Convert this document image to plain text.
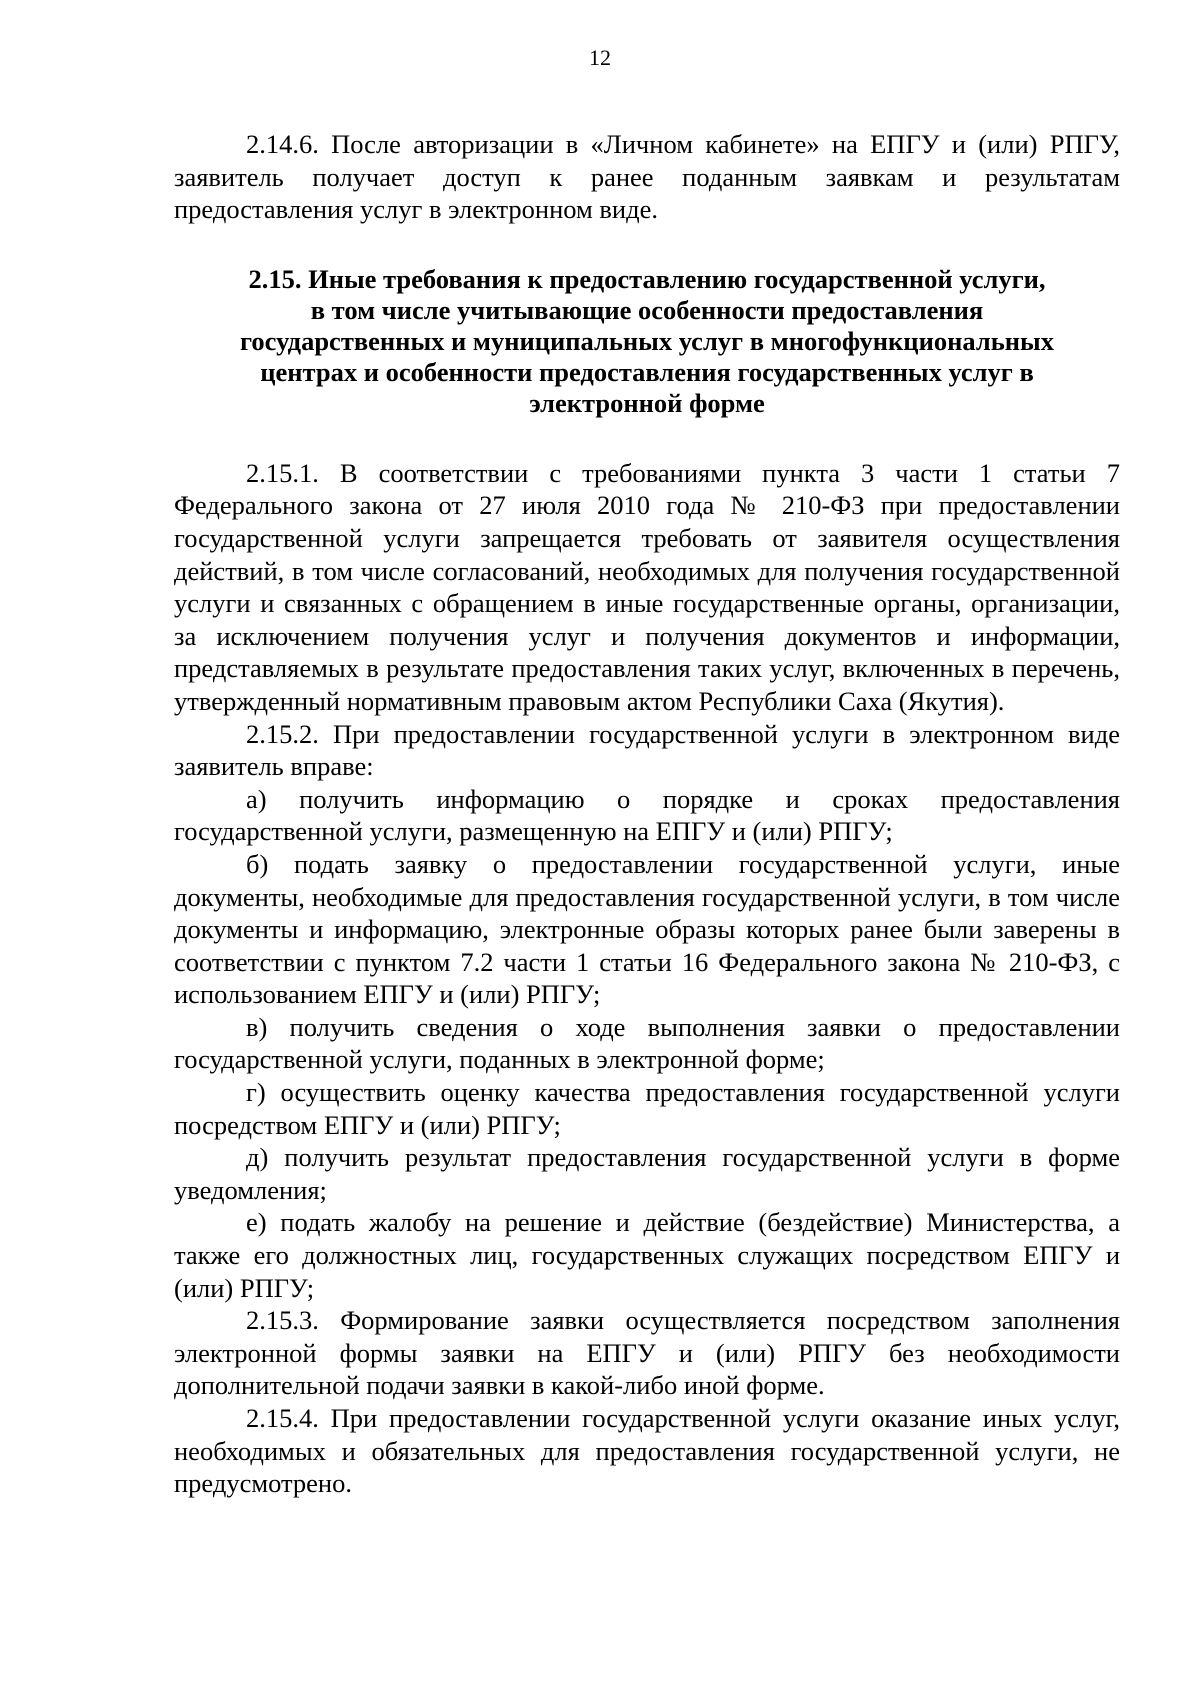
12

2.14.6. После авторизации в «Личном кабинете» на ЕПГУ и (или) РПГУ, заявитель получает доступ к ранее поданным заявкам и результатам предоставления услуг в электронном виде.

2.15. Иные требования к предоставлению государственной услуги,
в том числе учитывающие особенности предоставления
государственных и муниципальных услуг в многофункциональных
центрах и особенности предоставления государственных услуг в
электронной форме

2.15.1. В соответствии с требованиями пункта 3 части 1 статьи 7 Федерального закона от 27 июля 2010 года № 210-ФЗ при предоставлении государственной услуги запрещается требовать от заявителя осуществления действий, в том числе согласований, необходимых для получения государственной услуги и связанных с обращением в иные государственные органы, организации, за исключением получения услуг и получения документов и информации, представляемых в результате предоставления таких услуг, включенных в перечень, утвержденный нормативным правовым актом Республики Саха (Якутия).

2.15.2. При предоставлении государственной услуги в электронном виде заявитель вправе:

а) получить информацию о порядке и сроках предоставления государственной услуги, размещенную на ЕПГУ и (или) РПГУ;

б) подать заявку о предоставлении государственной услуги, иные документы, необходимые для предоставления государственной услуги, в том числе документы и информацию, электронные образы которых ранее были заверены в соответствии с пунктом 7.2 части 1 статьи 16 Федерального закона № 210-ФЗ, с использованием ЕПГУ и (или) РПГУ;

в) получить сведения о ходе выполнения заявки о предоставлении государственной услуги, поданных в электронной форме;

г) осуществить оценку качества предоставления государственной услуги посредством ЕПГУ и (или) РПГУ;

д) получить результат предоставления государственной услуги в форме уведомления;

е) подать жалобу на решение и действие (бездействие) Министерства, а также его должностных лиц, государственных служащих посредством ЕПГУ и (или) РПГУ;

2.15.3. Формирование заявки осуществляется посредством заполнения электронной формы заявки на ЕПГУ и (или) РПГУ без необходимости дополнительной подачи заявки в какой-либо иной форме.

2.15.4. При предоставлении государственной услуги оказание иных услуг, необходимых и обязательных для предоставления государственной услуги, не предусмотрено.
